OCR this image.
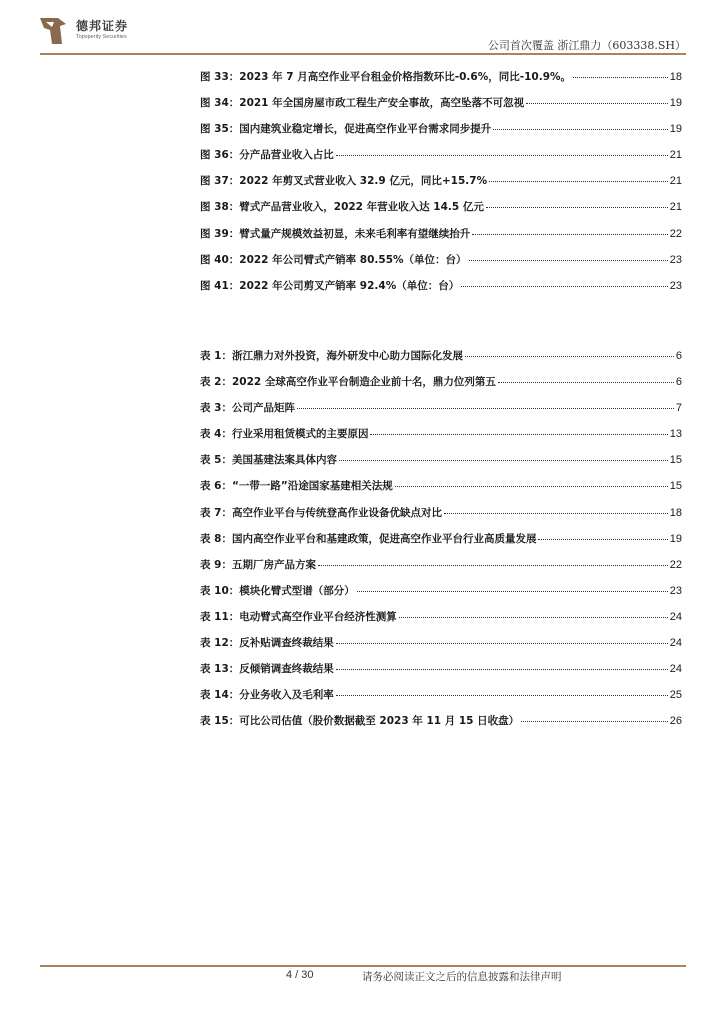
德邦证券
Topsperity Securities
公司首次覆盖 浙江鼎力（603338.SH）
图 33：2023 年 7 月高空作业平台租金价格指数环比-0.6%，同比-10.9%。	18
图 34：2021 年全国房屋市政工程生产安全事故，高空坠落不可忽视	19
图 35：国内建筑业稳定增长，促进高空作业平台需求同步提升	19
图 36：分产品营业收入占比	21
图 37：2022 年剪叉式营业收入 32.9 亿元，同比+15.7%	21
图 38：臂式产品营业收入，2022 年营业收入达 14.5 亿元	21
图 39：臂式量产规模效益初显，未来毛利率有望继续抬升	22
图 40：2022 年公司臂式产销率 80.55%（单位：台）	23
图 41：2022 年公司剪叉产销率 92.4%（单位：台）	23
表 1：浙江鼎力对外投资，海外研发中心助力国际化发展	6
表 2：2022 全球高空作业平台制造企业前十名，鼎力位列第五	6
表 3：公司产品矩阵	7
表 4：行业采用租赁模式的主要原因	13
表 5：美国基建法案具体内容	15
表 6：“一带一路”沿途国家基建相关法规	15
表 7：高空作业平台与传统登高作业设备优缺点对比	18
表 8：国内高空作业平台和基建政策，促进高空作业平台行业高质量发展	19
表 9：五期厂房产品方案	22
表 10：模块化臂式型谱（部分）	23
表 11：电动臂式高空作业平台经济性测算	24
表 12：反补贴调查终裁结果	24
表 13：反倾销调查终裁结果	24
表 14：分业务收入及毛利率	25
表 15：可比公司估值（股价数据截至 2023 年 11 月 15 日收盘）	26
4 / 30	请务必阅读正文之后的信息披露和法律声明
